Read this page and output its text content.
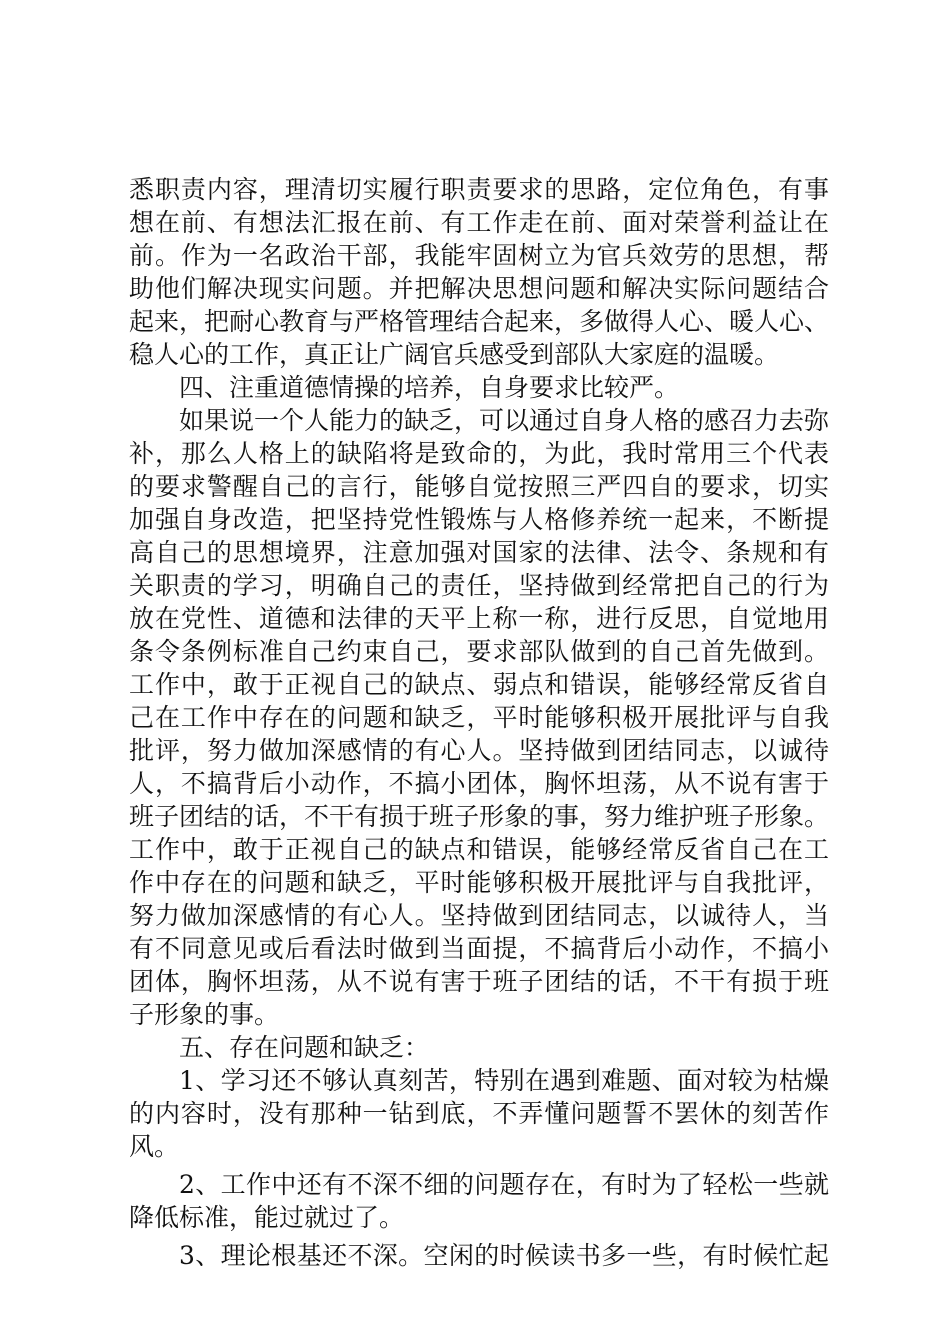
悉职责内容，理清切实履行职责要求的思路，定位角色，有事
想在前、有想法汇报在前、有工作走在前、面对荣誉利益让在
前。作为一名政治干部，我能牢固树立为官兵效劳的思想，帮
助他们解决现实问题。并把解决思想问题和解决实际问题结合
起来，把耐心教育与严格管理结合起来，多做得人心、暖人心、
稳人心的工作，真正让广阔官兵感受到部队大家庭的温暖。
四、注重道德情操的培养，自身要求比较严。
如果说一个人能力的缺乏，可以通过自身人格的感召力去弥
补，那么人格上的缺陷将是致命的，为此，我时常用三个代表
的要求警醒自己的言行，能够自觉按照三严四自的要求，切实
加强自身改造，把坚持党性锻炼与人格修养统一起来，不断提
高自己的思想境界，注意加强对国家的法律、法令、条规和有
关职责的学习，明确自己的责任，坚持做到经常把自己的行为
放在党性、道德和法律的天平上称一称，进行反思，自觉地用
条令条例标准自己约束自己，要求部队做到的自己首先做到。
工作中，敢于正视自己的缺点、弱点和错误，能够经常反省自
己在工作中存在的问题和缺乏，平时能够积极开展批评与自我
批评，努力做加深感情的有心人。坚持做到团结同志，以诚待
人，不搞背后小动作，不搞小团体，胸怀坦荡，从不说有害于
班子团结的话，不干有损于班子形象的事，努力维护班子形象。
工作中，敢于正视自己的缺点和错误，能够经常反省自己在工
作中存在的问题和缺乏，平时能够积极开展批评与自我批评，
努力做加深感情的有心人。坚持做到团结同志，以诚待人，当
有不同意见或后看法时做到当面提，不搞背后小动作，不搞小
团体，胸怀坦荡，从不说有害于班子团结的话，不干有损于班
子形象的事。
五、存在问题和缺乏：
1、学习还不够认真刻苦，特别在遇到难题、面对较为枯燥
的内容时，没有那种一钻到底，不弄懂问题誓不罢休的刻苦作
风。
2、工作中还有不深不细的问题存在，有时为了轻松一些就
降低标准，能过就过了。
3、理论根基还不深。空闲的时候读书多一些，有时候忙起
